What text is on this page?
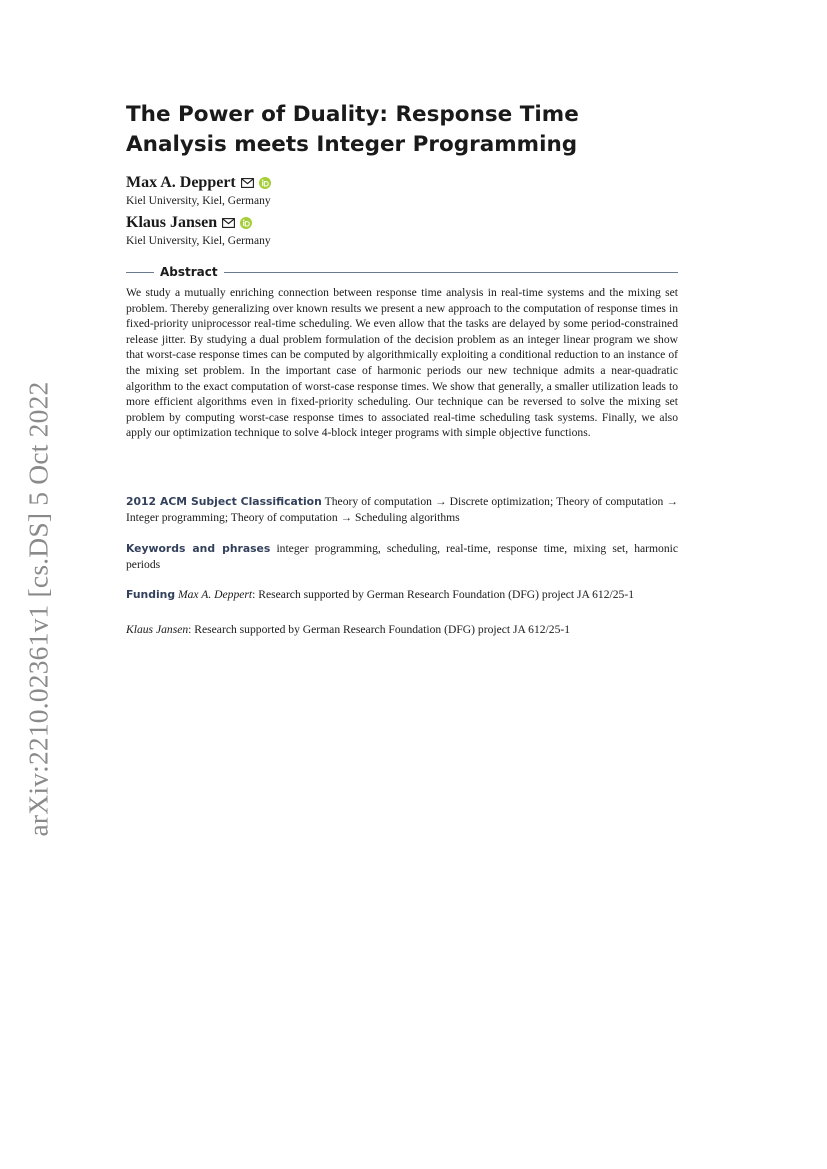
arXiv:2210.02361v1 [cs.DS] 5 Oct 2022
The Power of Duality: Response Time Analysis meets Integer Programming
Max A. Deppert
Kiel University, Kiel, Germany
Klaus Jansen
Kiel University, Kiel, Germany
Abstract

We study a mutually enriching connection between response time analysis in real-time systems and the mixing set problem. Thereby generalizing over known results we present a new approach to the computation of response times in fixed-priority uniprocessor real-time scheduling. We even allow that the tasks are delayed by some period-constrained release jitter. By studying a dual problem formulation of the decision problem as an integer linear program we show that worst-case response times can be computed by algorithmically exploiting a conditional reduction to an instance of the mixing set problem. In the important case of harmonic periods our new technique admits a near-quadratic algorithm to the exact computation of worst-case response times. We show that generally, a smaller utilization leads to more efficient algorithms even in fixed-priority scheduling. Our technique can be reversed to solve the mixing set problem by computing worst-case response times to associated real-time scheduling task systems. Finally, we also apply our optimization technique to solve 4-block integer programs with simple objective functions.

2012 ACM Subject Classification Theory of computation → Discrete optimization; Theory of computation → Integer programming; Theory of computation → Scheduling algorithms

Keywords and phrases integer programming, scheduling, real-time, response time, mixing set, harmonic periods

Funding Max A. Deppert: Research supported by German Research Foundation (DFG) project JA 612/25-1

Klaus Jansen: Research supported by German Research Foundation (DFG) project JA 612/25-1
